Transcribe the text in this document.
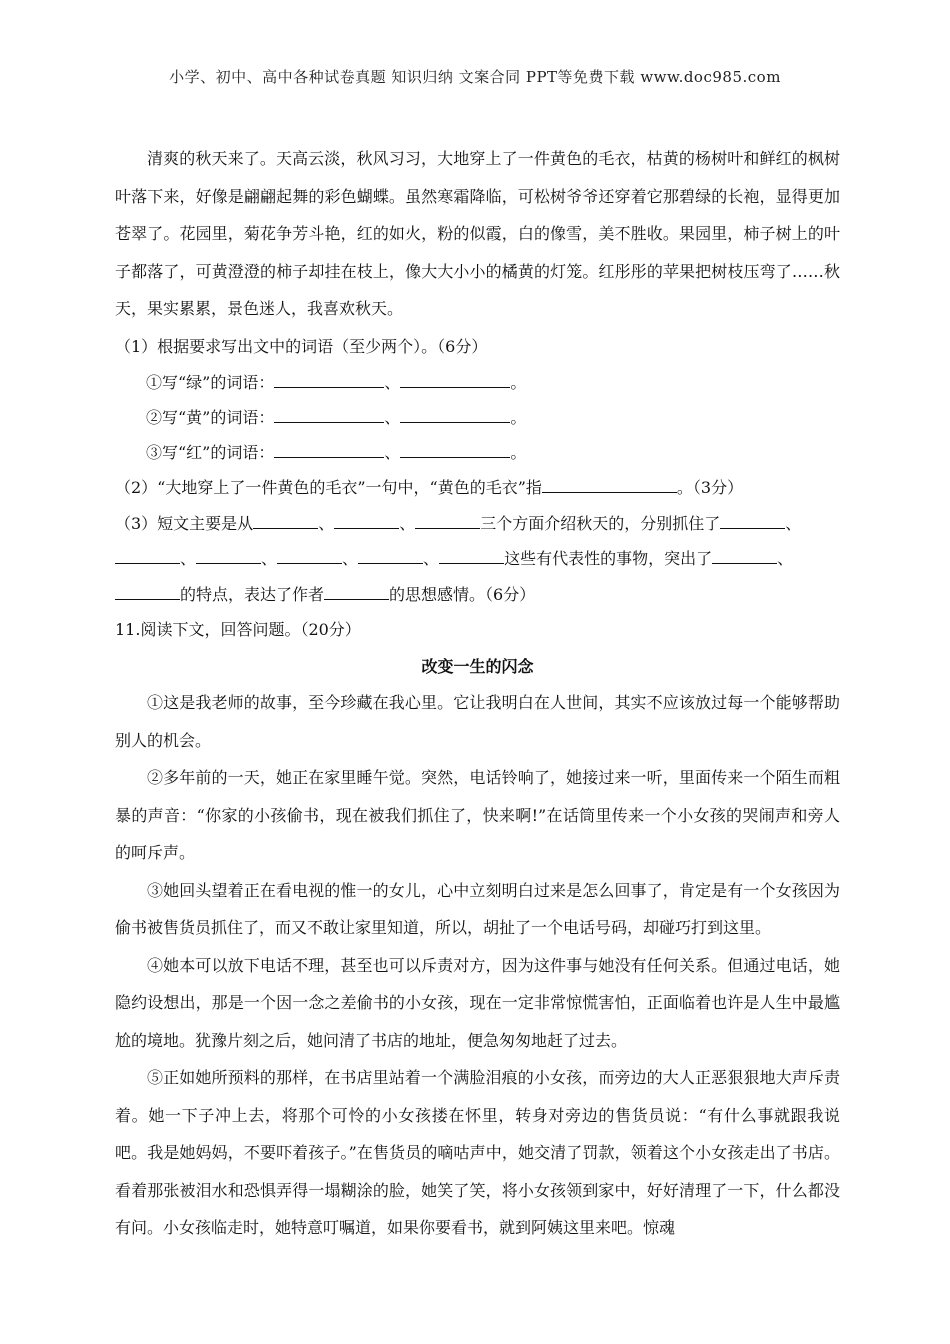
小学、初中、高中各种试卷真题 知识归纳 文案合同 PPT等免费下载 www.doc985.com

清爽的秋天来了。天高云淡，秋风习习，大地穿上了一件黄色的毛衣，枯黄的杨树叶和鲜红的枫树叶落下来，好像是翩翩起舞的彩色蝴蝶。虽然寒霜降临，可松树爷爷还穿着它那碧绿的长袍，显得更加苍翠了。花园里，菊花争芳斗艳，红的如火，粉的似霞，白的像雪，美不胜收。果园里，柿子树上的叶子都落了，可黄澄澄的柿子却挂在枝上，像大大小小的橘黄的灯笼。红彤彤的苹果把树枝压弯了……秋天，果实累累，景色迷人，我喜欢秋天。

（1）根据要求写出文中的词语（至少两个）。（6分）

①写“绿”的词语：	、	。

②写“黄”的词语：	、	。

③写“红”的词语：	、	。

（2）“大地穿上了一件黄色的毛衣”一句中，“黄色的毛衣”指	。（3分）

（3）短文主要是从	、	、	三个方面介绍秋天的，分别抓住了	、
、	、	、	、	这些有代表性的事物，突出了	、
的特点，表达了作者	的思想感情。（6分）

11.阅读下文，回答问题。（20分）

改变一生的闪念

①这是我老师的故事，至今珍藏在我心里。它让我明白在人世间，其实不应该放过每一个能够帮助别人的机会。

②多年前的一天，她正在家里睡午觉。突然，电话铃响了，她接过来一听，里面传来一个陌生而粗暴的声音：“你家的小孩偷书，现在被我们抓住了，快来啊!”在话筒里传来一个小女孩的哭闹声和旁人的呵斥声。

③她回头望着正在看电视的惟一的女儿，心中立刻明白过来是怎么回事了，肯定是有一个女孩因为偷书被售货员抓住了，而又不敢让家里知道，所以，胡扯了一个电话号码，却碰巧打到这里。

④她本可以放下电话不理，甚至也可以斥责对方，因为这件事与她没有任何关系。但通过电话，她隐约设想出，那是一个因一念之差偷书的小女孩，现在一定非常惊慌害怕，正面临着也许是人生中最尴尬的境地。犹豫片刻之后，她问清了书店的地址，便急匆匆地赶了过去。

⑤正如她所预料的那样，在书店里站着一个满脸泪痕的小女孩，而旁边的大人正恶狠狠地大声斥责着。她一下子冲上去，将那个可怜的小女孩搂在怀里，转身对旁边的售货员说：“有什么事就跟我说吧。我是她妈妈，不要吓着孩子。”在售货员的嘀咕声中，她交清了罚款，领着这个小女孩走出了书店。看着那张被泪水和恐惧弄得一塌糊涂的脸，她笑了笑，将小女孩领到家中，好好清理了一下，什么都没有问。小女孩临走时，她特意叮嘱道，如果你要看书，就到阿姨这里来吧。惊魂
